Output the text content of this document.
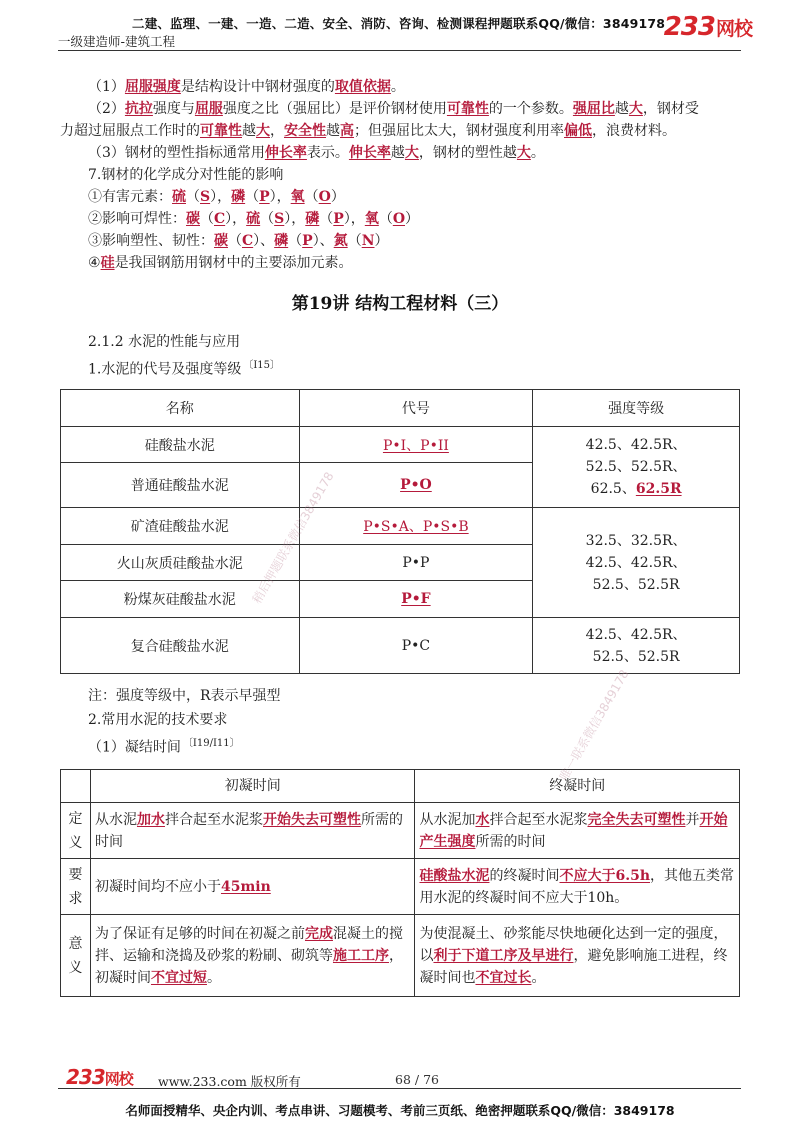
二建、监理、一建、一造、二造、安全、消防、咨询、检测课程押题联系QQ/微信：3849178
一级建造师-建筑工程	233网校

（1）屈服强度是结构设计中钢材强度的取值依据。

（2）抗拉强度与屈服强度之比（强屈比）是评价钢材使用可靠性的一个参数。强屈比越大，钢材受

力超过屈服点工作时的可靠性越大，安全性越高；但强屈比太大，钢材强度利用率偏低，浪费材料。

（3）钢材的塑性指标通常用伸长率表示。伸长率越大，钢材的塑性越大。

7.钢材的化学成分对性能的影响

①有害元素：硫（S），磷（P），氧（O）

②影响可焊性：碳（C），硫（S），磷（P），氧（O）

③影响塑性、韧性：碳（C）、磷（P）、氮（N）

④硅是我国钢筋用钢材中的主要添加元素。

第19讲 结构工程材料（三）
2.1.2 水泥的性能与应用
1.水泥的代号及强度等级 $^{〔Ⅰ15〕}$
名称	代号	强度等级
硅酸盐水泥	P•I、P•II	42.5、42.5R、
52.5、52.5R、
62.5、62.5R

普通硅酸盐水泥	P•O	
矿渣硅酸盐水泥	P•S•A、P•S•B	32.5、32.5R、
42.5、42.5R、
52.5、52.5R

火山灰质硅酸盐水泥	P•P	
粉煤灰硅酸盐水泥	P•F	
复合硅酸盐水泥	P•C	42.5、42.5R、
52.5、52.5R
注：强度等级中，R表示早强型
2.常用水泥的技术要求
（1）凝结时间 $^{〔Ⅰ19/Ⅰ11〕}$
	初凝时间	终凝时间

定
义	从水泥加水拌合起至水泥浆开始失去可塑性所需的时间	从水泥加水拌合起至水泥浆完全失去可塑性并开始产生强度所需的时间

要
求	初凝时间均不应小于45min	硅酸盐水泥的终凝时间不应大于6.5h，其他五类常用水泥的终凝时间不应大于10h。

意
义	为了保证有足够的时间在初凝之前完成混凝土的搅拌、运输和浇捣及砂浆的粉刷、砌筑等施工工序，初凝时间不宜过短。	为使混凝土、砂浆能尽快地硬化达到一定的强度，以利于下道工序及早进行，避免影响施工进程，终凝时间也不宜过长。
稍后押题联系微信3849178
唯一联系微信3849178
233网校 www.233.com 版权所有	68 / 76
名师面授精华、央企内训、考点串讲、习题模考、考前三页纸、绝密押题联系QQ/微信：3849178
